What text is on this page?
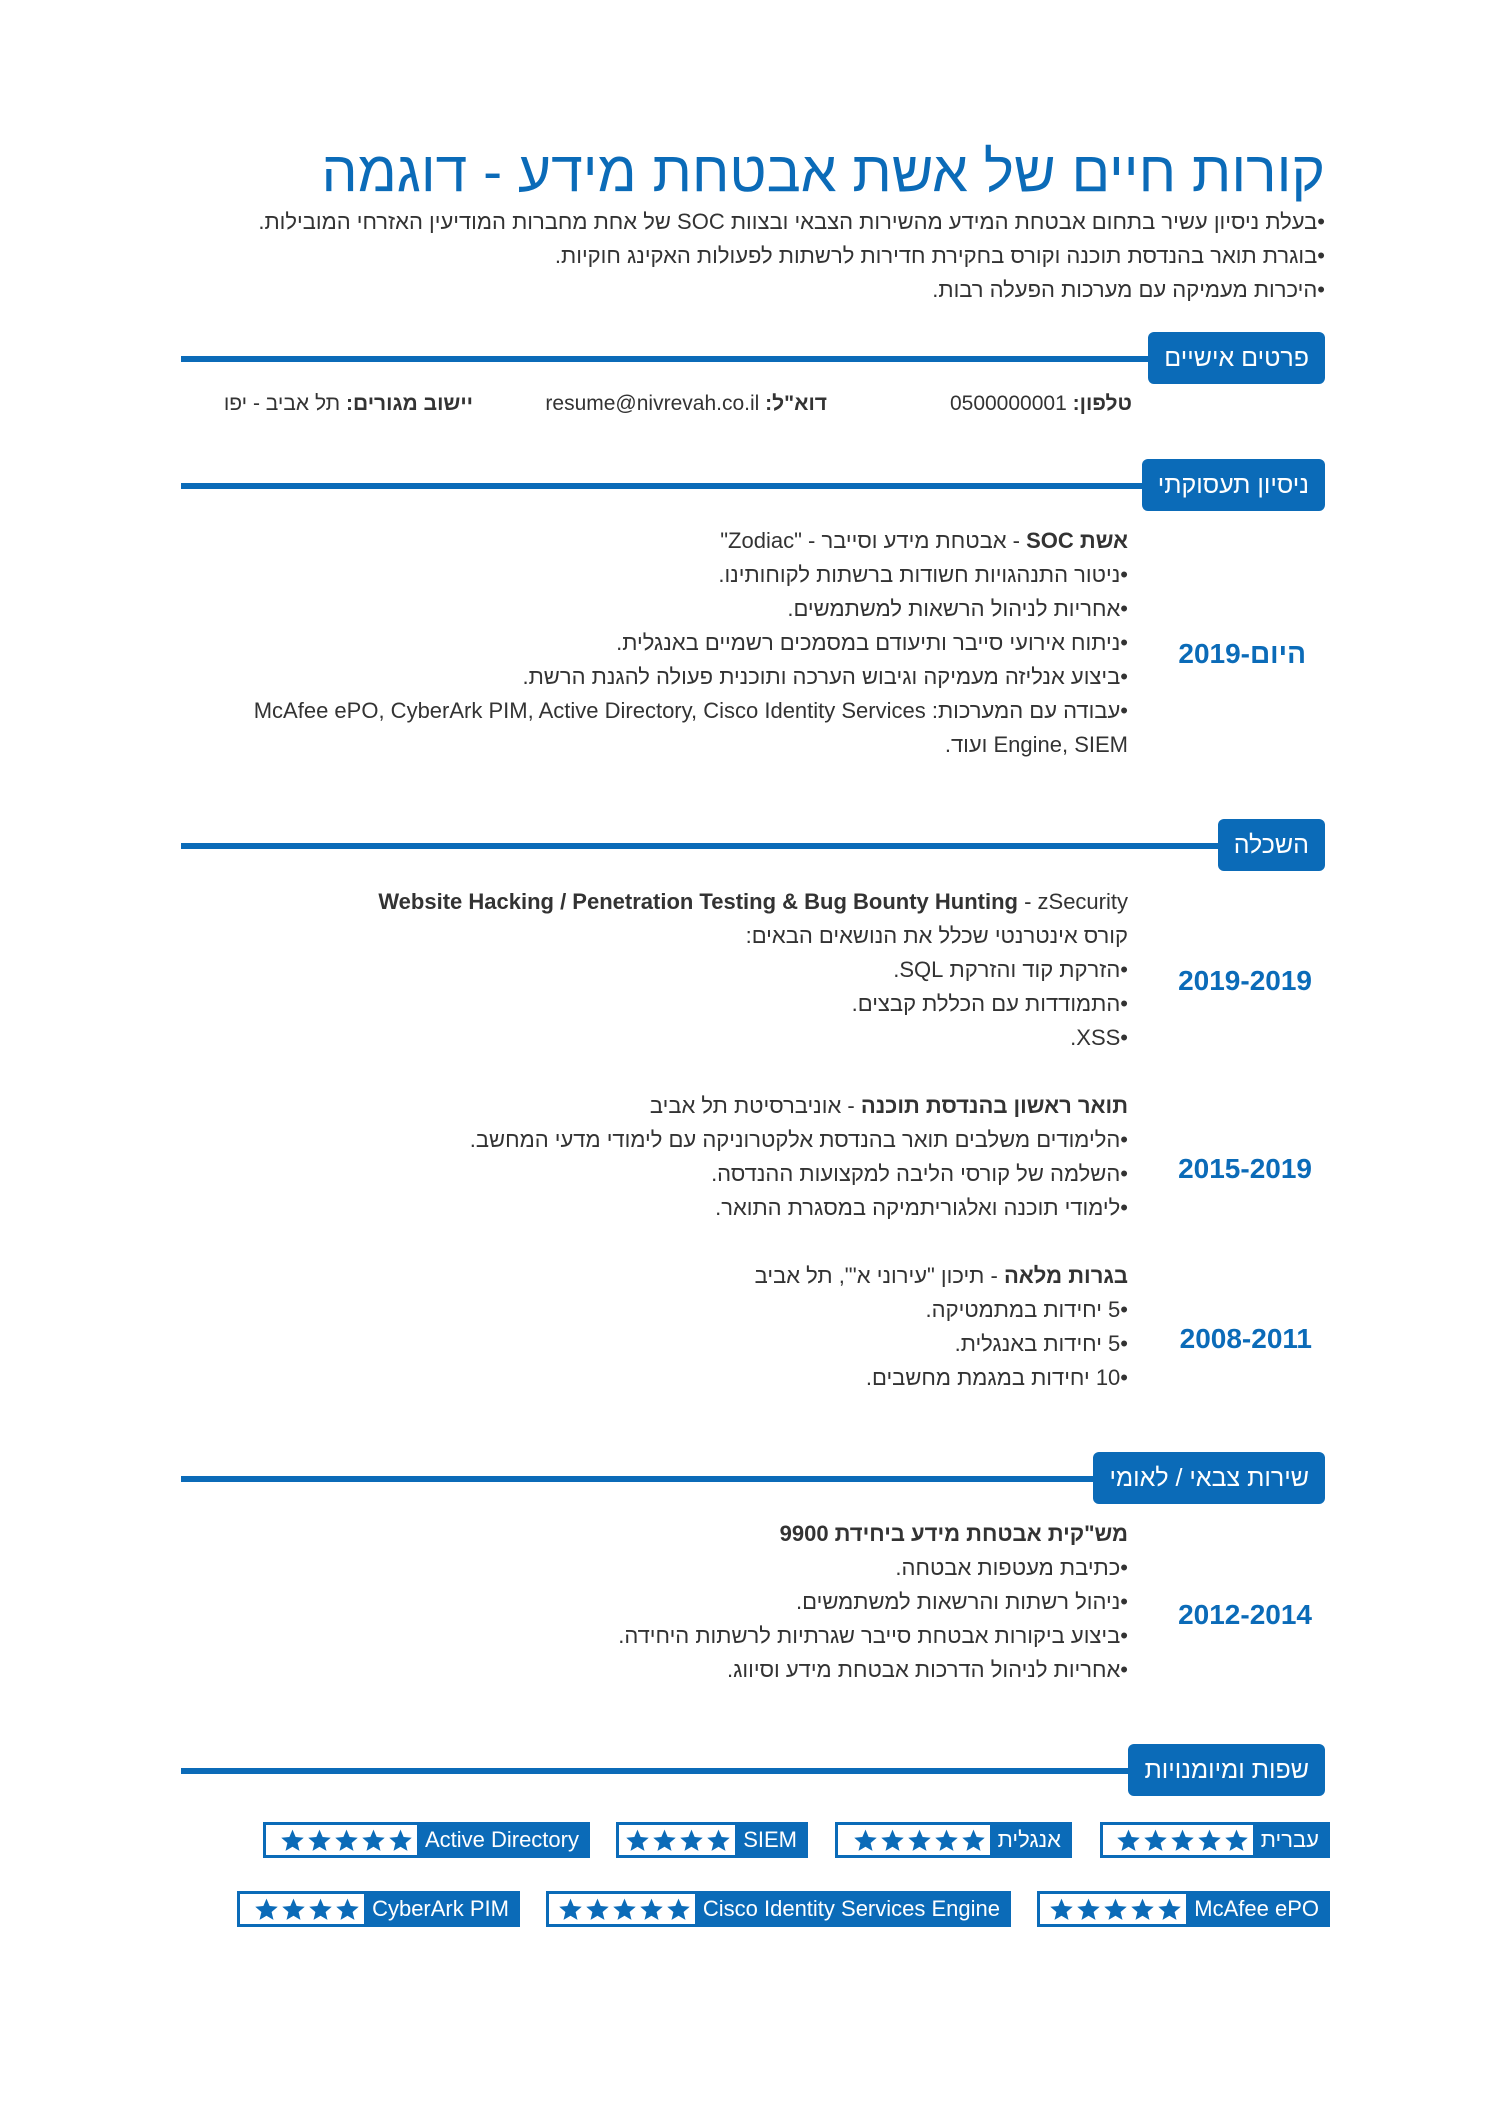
קורות חיים של אשת אבטחת מידע - דוגמה
•בעלת ניסיון עשיר בתחום אבטחת המידע מהשירות הצבאי ובצוות SOC של אחת מחברות המודיעין האזרחי המובילות.
•בוגרת תואר בהנדסת תוכנה וקורס בחקירת חדירות לרשתות לפעולות האקינג חוקיות.
•היכרות מעמיקה עם מערכות הפעלה רבות.
פרטים אישיים
טלפון: 0500000001
דוא"ל: resume@nivrevah.co.il
יישוב מגורים: תל אביב - יפו
ניסיון תעסוקתי
2019-היום
אשת SOC - אבטחת מידע וסייבר - "Zodiac"
•ניטור התנהגויות חשודות ברשתות לקוחותינו.
•אחריות לניהול הרשאות למשתמשים.
•ניתוח אירועי סייבר ותיעודם במסמכים רשמיים באנגלית.
•ביצוע אנליזה מעמיקה וגיבוש הערכה ותוכנית פעולה להגנת הרשת.
•עבודה עם המערכות: McAfee ePO, CyberArk PIM, Active Directory, Cisco Identity Services
Engine, SIEM ועוד.
השכלה
2019-2019
Website Hacking / Penetration Testing & Bug Bounty Hunting - zSecurity
קורס אינטרנטי שכלל את הנושאים הבאים:
•הזרקת קוד והזרקת SQL.
•התמודדות עם הכללת קבצים.
•XSS.
2015-2019
תואר ראשון בהנדסת תוכנה - אוניברסיטת תל אביב
•הלימודים משלבים תואר בהנדסת אלקטרוניקה עם לימודי מדעי המחשב.
•השלמה של קורסי הליבה למקצועות ההנדסה.
•לימודי תוכנה ואלגוריתמיקה במסגרת התואר.
2008-2011
בגרות מלאה - תיכון "עירוני א'", תל אביב
•5 יחידות במתמטיקה.
•5 יחידות באנגלית.
•10 יחידות במגמת מחשבים.
שירות צבאי / לאומי
2012-2014
מש"קית אבטחת מידע ביחידת 9900
•כתיבת מעטפות אבטחה.
•ניהול רשתות והרשאות למשתמשים.
•ביצוע ביקורות אבטחת סייבר שגרתיות לרשתות היחידה.
•אחריות לניהול הדרכות אבטחת מידע וסיווג.
שפות ומיומנויות
עברית
אנגלית
SIEM
Active Directory
McAfee ePO
Cisco Identity Services Engine
CyberArk PIM
